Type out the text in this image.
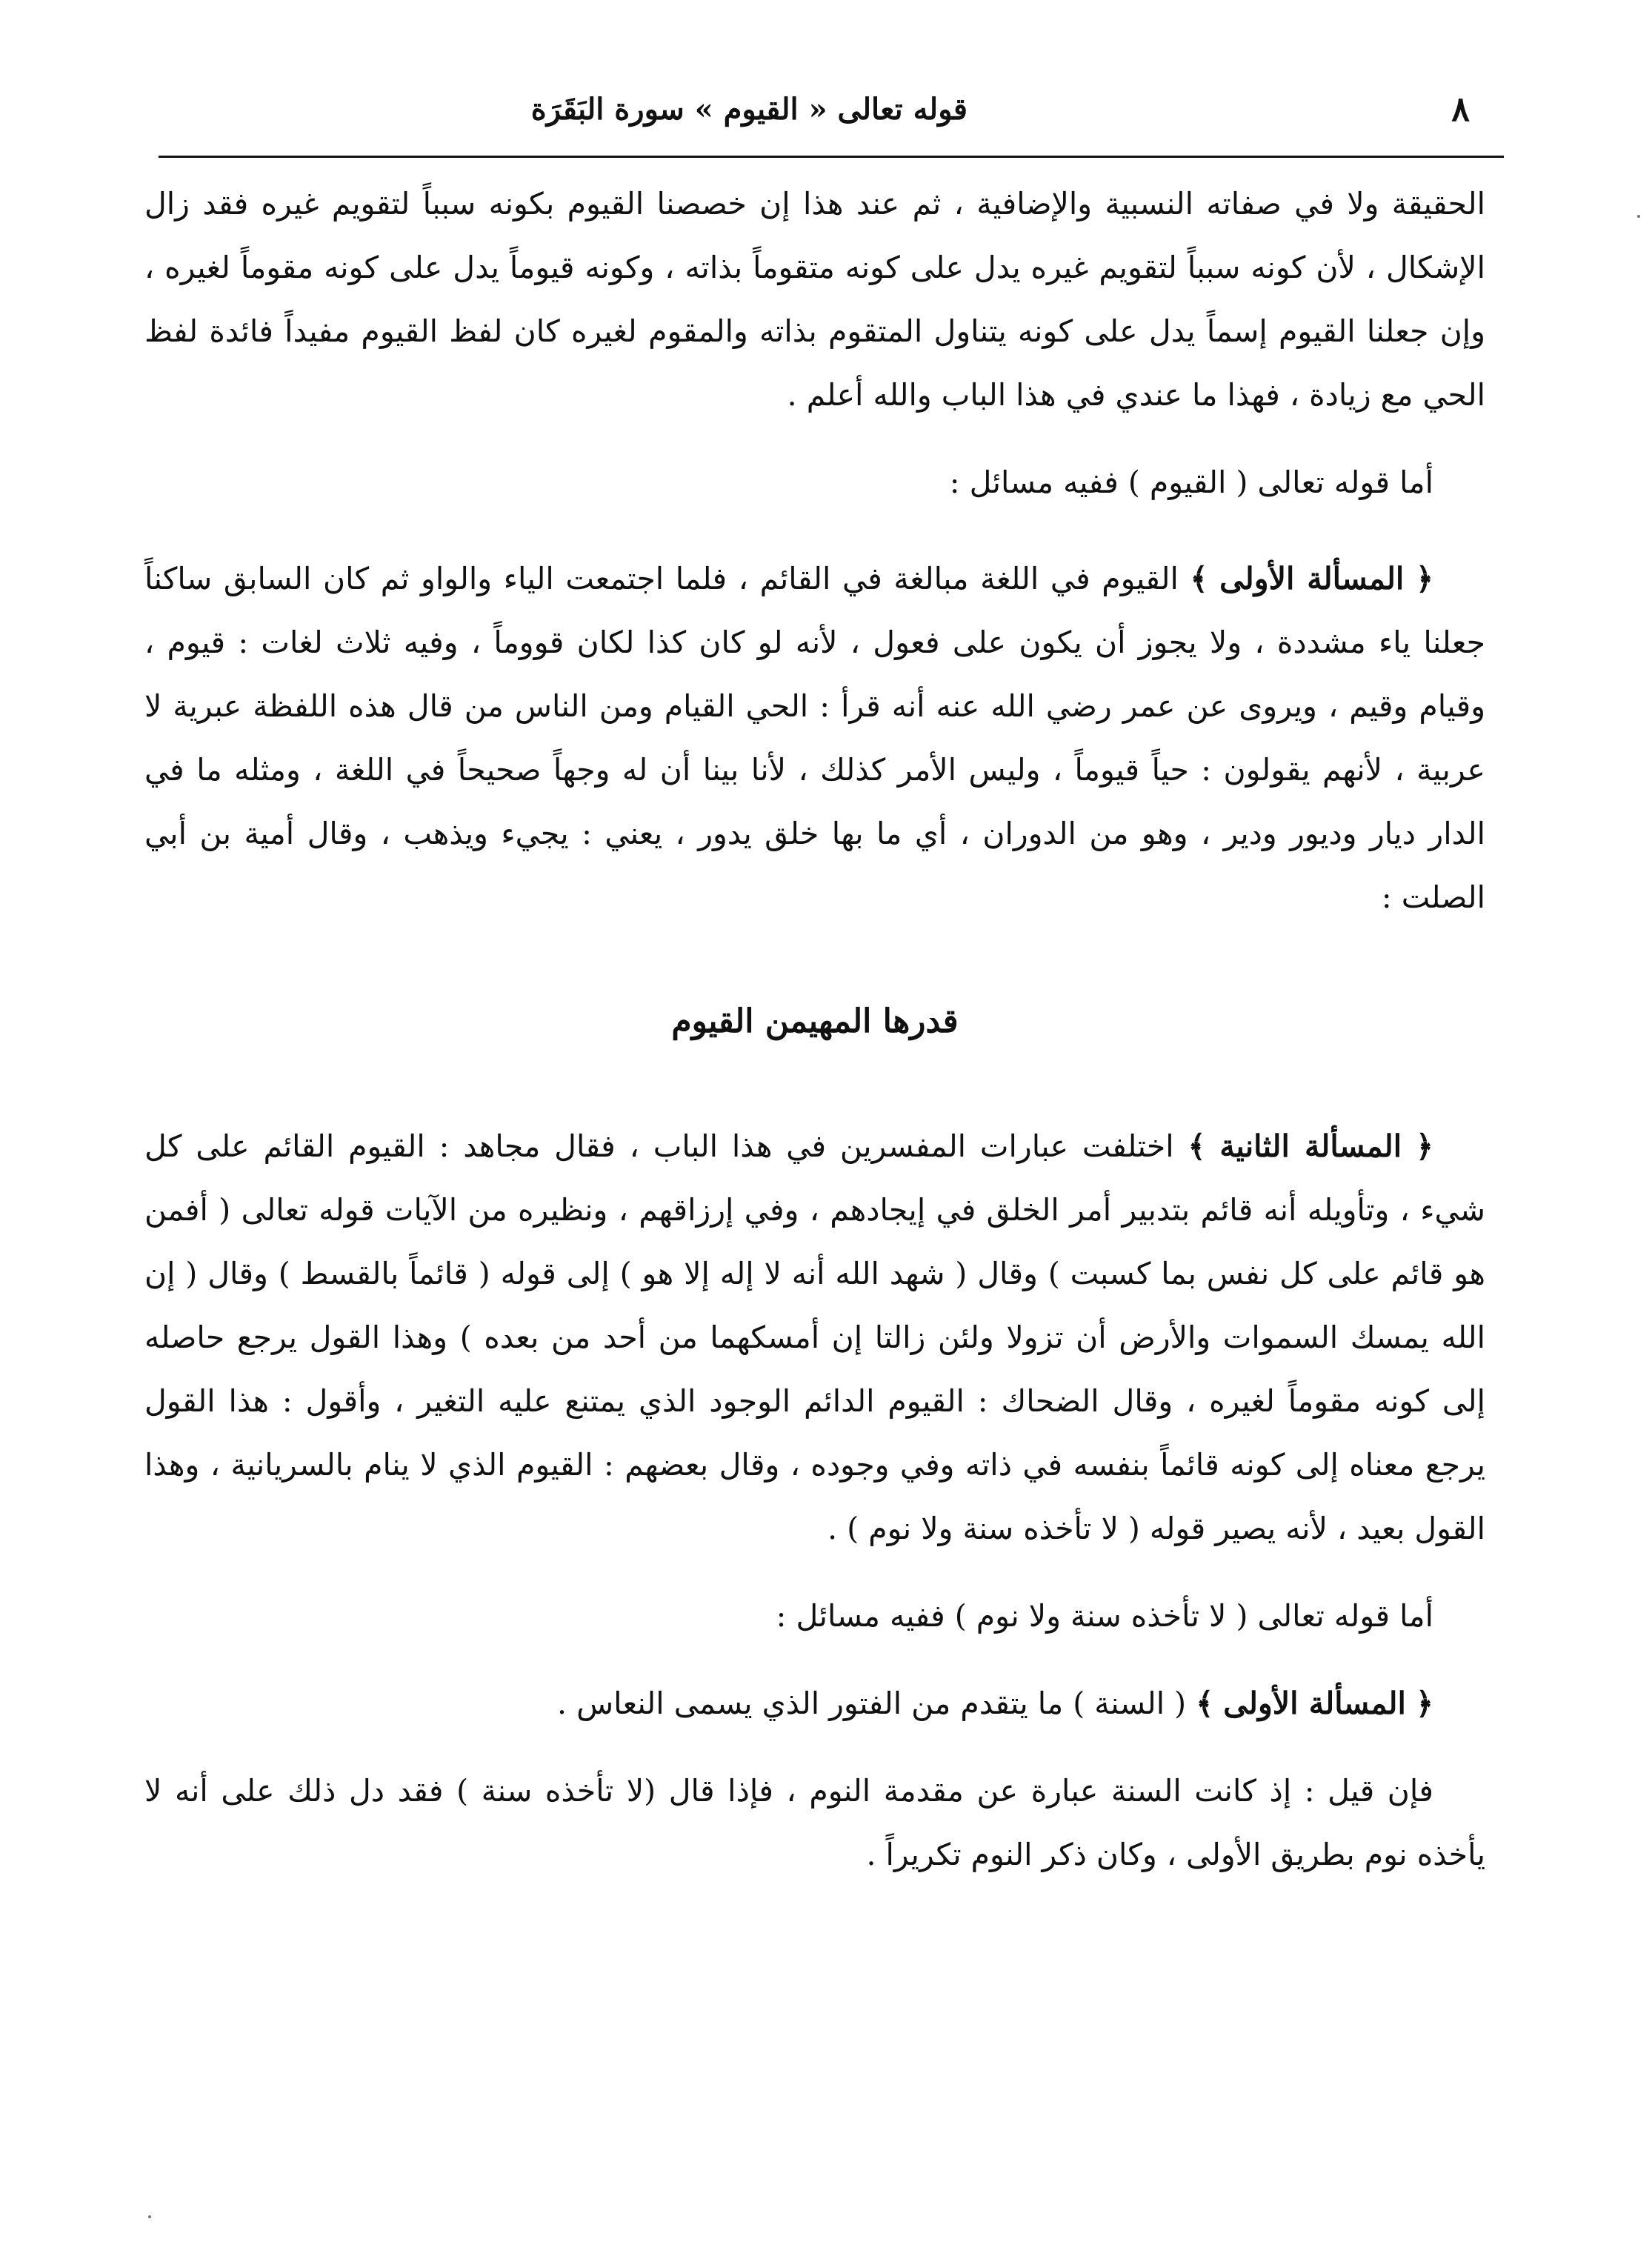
٨
قوله تعالى « القيوم » سورة البَقَرَة

الحقيقة ولا في صفاته النسبية والإضافية ، ثم عند هذا إن خصصنا القيوم بكونه سبباً لتقويم غيره فقد زال الإشكال ، لأن كونه سبباً لتقويم غيره يدل على كونه متقوماً بذاته ، وكونه قيوماً يدل على كونه مقوماً لغيره ، وإن جعلنا القيوم إسماً يدل على كونه يتناول المتقوم بذاته والمقوم لغيره كان لفظ القيوم مفيداً فائدة لفظ الحي مع زيادة ، فهذا ما عندي في هذا الباب والله أعلم .

أما قوله تعالى ( القيوم ) ففيه مسائل :

﴿ المسألة الأولى ﴾ القيوم في اللغة مبالغة في القائم ، فلما اجتمعت الياء والواو ثم كان السابق ساكناً جعلنا ياء مشددة ، ولا يجوز أن يكون على فعول ، لأنه لو كان كذا لكان قووماً ، وفيه ثلاث لغات : قيوم ، وقيام وقيم ، ويروى عن عمر رضي الله عنه أنه قرأ : الحي القيام ومن الناس من قال هذه اللفظة عبرية لا عربية ، لأنهم يقولون : حياً قيوماً ، وليس الأمر كذلك ، لأنا بينا أن له وجهاً صحيحاً في اللغة ، ومثله ما في الدار ديار وديور ودير ، وهو من الدوران ، أي ما بها خلق يدور ، يعني : يجيء ويذهب ، وقال أمية بن أبي الصلت :

قدرها المهيمن القيوم

﴿ المسألة الثانية ﴾ اختلفت عبارات المفسرين في هذا الباب ، فقال مجاهد : القيوم القائم على كل شيء ، وتأويله أنه قائم بتدبير أمر الخلق في إيجادهم ، وفي إرزاقهم ، ونظيره من الآيات قوله تعالى ( أفمن هو قائم على كل نفس بما كسبت ) وقال ( شهد الله أنه لا إله إلا هو ) إلى قوله ( قائماً بالقسط ) وقال ( إن الله يمسك السموات والأرض أن تزولا ولئن زالتا إن أمسكهما من أحد من بعده ) وهذا القول يرجع حاصله إلى كونه مقوماً لغيره ، وقال الضحاك : القيوم الدائم الوجود الذي يمتنع عليه التغير ، وأقول : هذا القول يرجع معناه إلى كونه قائماً بنفسه في ذاته وفي وجوده ، وقال بعضهم : القيوم الذي لا ينام بالسريانية ، وهذا القول بعيد ، لأنه يصير قوله ( لا تأخذه سنة ولا نوم ) .

أما قوله تعالى ( لا تأخذه سنة ولا نوم ) ففيه مسائل :

﴿ المسألة الأولى ﴾ ( السنة ) ما يتقدم من الفتور الذي يسمى النعاس .

فإن قيل : إذ كانت السنة عبارة عن مقدمة النوم ، فإذا قال (لا تأخذه سنة ) فقد دل ذلك على أنه لا يأخذه نوم بطريق الأولى ، وكان ذكر النوم تكريراً .
